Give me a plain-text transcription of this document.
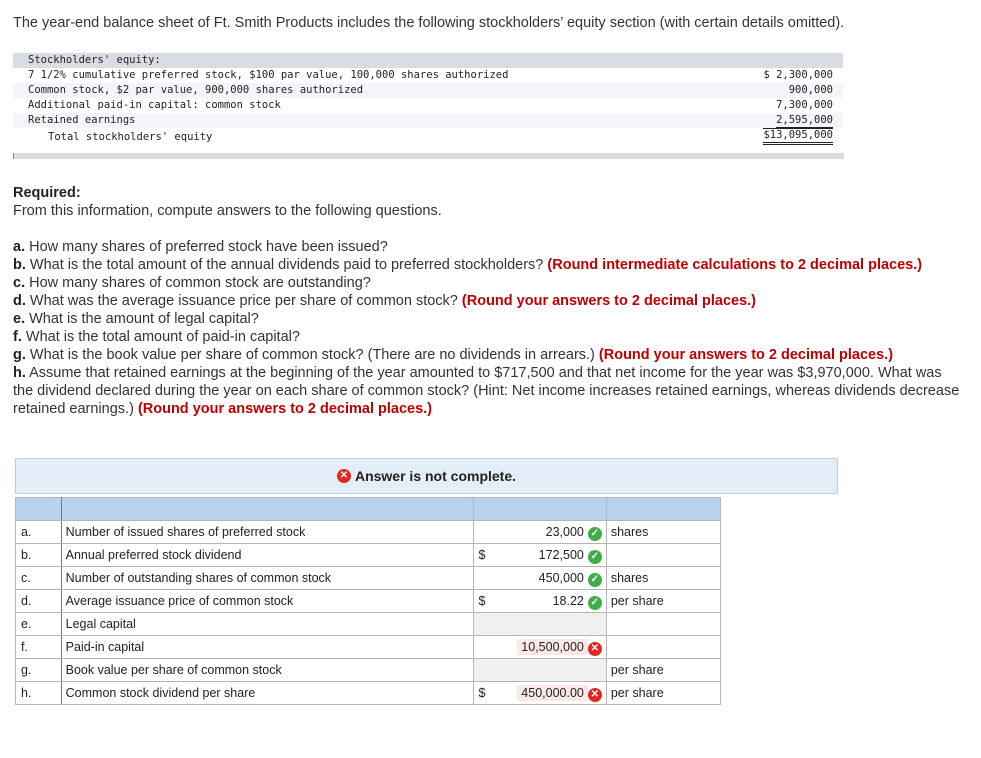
The year-end balance sheet of Ft. Smith Products includes the following stockholders’ equity section (with certain details omitted).
Stockholders' equity:
7 1/2% cumulative preferred stock, $100 par value, 100,000 shares authorized	$ 2,300,000
Common stock, $2 par value, 900,000 shares authorized	900,000
Additional paid-in capital: common stock	7,300,000
Retained earnings	2,595,000
Total stockholders' equity	$13,095,000
Required:
From this information, compute answers to the following questions.

a. How many shares of preferred stock have been issued?

b. What is the total amount of the annual dividends paid to preferred stockholders? (Round intermediate calculations to 2 decimal places.)

c. How many shares of common stock are outstanding?

d. What was the average issuance price per share of common stock? (Round your answers to 2 decimal places.)

e. What is the amount of legal capital?

f. What is the total amount of paid-in capital?

g. What is the book value per share of common stock? (There are no dividends in arrears.) (Round your answers to 2 decimal places.)

h. Assume that retained earnings at the beginning of the year amounted to $717,500 and that net income for the year was $3,970,000. What was the dividend declared during the year on each share of common stock? (Hint: Net income increases retained earnings, whereas dividends decrease retained earnings.) (Round your answers to 2 decimal places.)

✕ Answer is not complete.

a.	Number of issued shares of preferred stock		23,000 ✓	shares
b.	Annual preferred stock dividend	$	172,500 ✓	
c.	Number of outstanding shares of common stock		450,000 ✓	shares
d.	Average issuance price of common stock	$	18.22 ✓	per share
e.	Legal capital			
f.	Paid-in capital		10,500,000 ✕	
g.	Book value per share of common stock			per share
h.	Common stock dividend per share	$	450,000.00 ✕	per share
